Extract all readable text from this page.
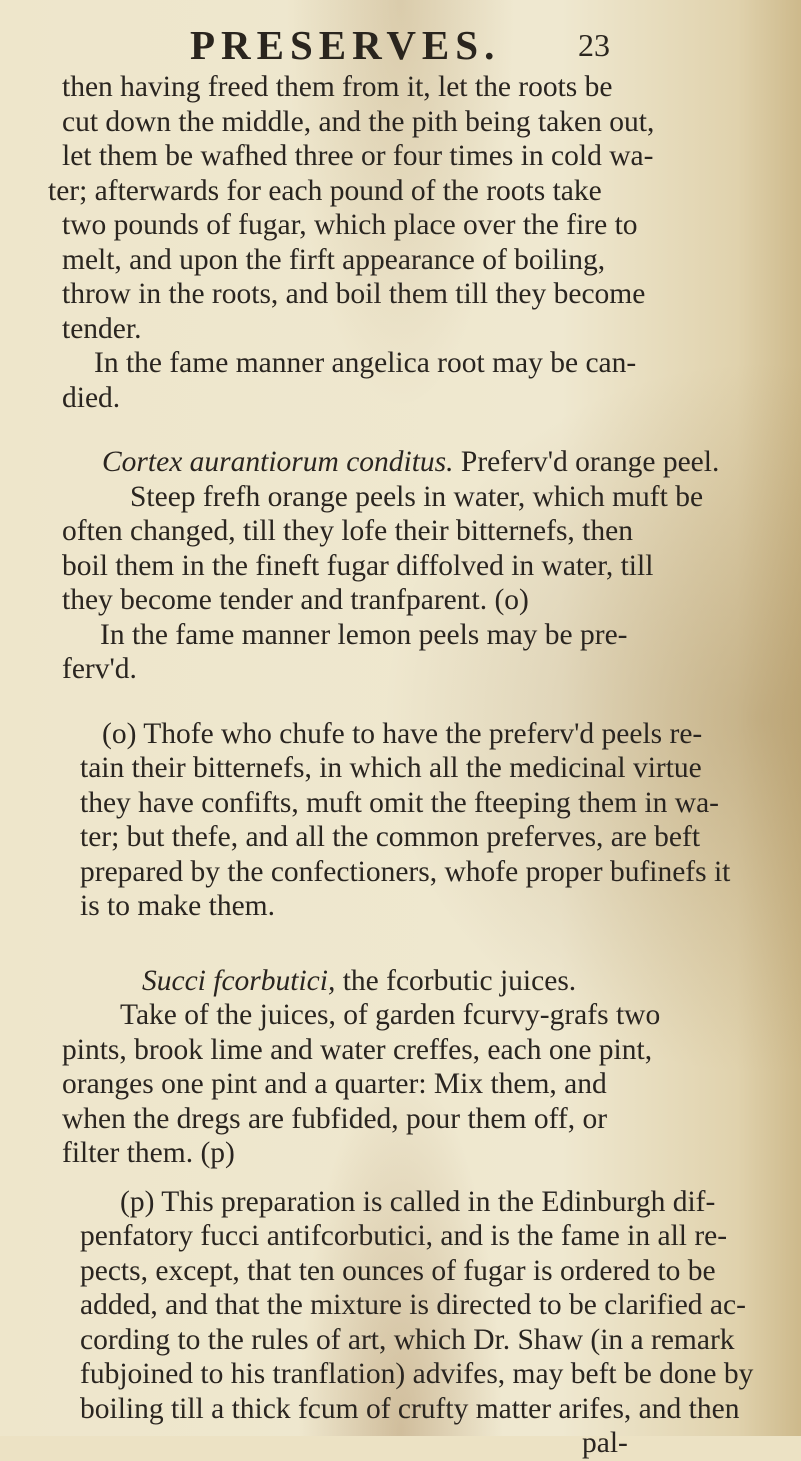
PRESERVES. 23
then having freed them from it, let the roots be
cut down the middle, and the pith being taken out,
let them be wafhed three or four times in cold wa-
ter; afterwards for each pound of the roots take
two pounds of fugar, which place over the fire to
melt, and upon the firft appearance of boiling,
throw in the roots, and boil them till they become
tender.
In the fame manner angelica root may be can-
died.
Cortex aurantiorum conditus. Preferv'd orange peel.
Steep frefh orange peels in water, which muft be
often changed, till they lofe their bitternefs, then
boil them in the fineft fugar diffolved in water, till
they become tender and tranfparent. (o)
In the fame manner lemon peels may be pre-
ferv'd.
(o) Thofe who chufe to have the preferv'd peels re-
tain their bitternefs, in which all the medicinal virtue
they have confifts, muft omit the fteeping them in wa-
ter; but thefe, and all the common preferves, are beft
prepared by the confectioners, whofe proper bufinefs it
is to make them.
Succi fcorbutici, the fcorbutic juices.
Take of the juices, of garden fcurvy-grafs two
pints, brook lime and water creffes, each one pint,
oranges one pint and a quarter: Mix them, and
when the dregs are fubfided, pour them off, or
filter them. (p)
(p) This preparation is called in the Edinburgh dif-
penfatory fucci antifcorbutici, and is the fame in all re-
pects, except, that ten ounces of fugar is ordered to be
added, and that the mixture is directed to be clarified ac-
cording to the rules of art, which Dr. Shaw (in a remark
fubjoined to his tranflation) advifes, may beft be done by
boiling till a thick fcum of crufty matter arifes, and then
pal-
